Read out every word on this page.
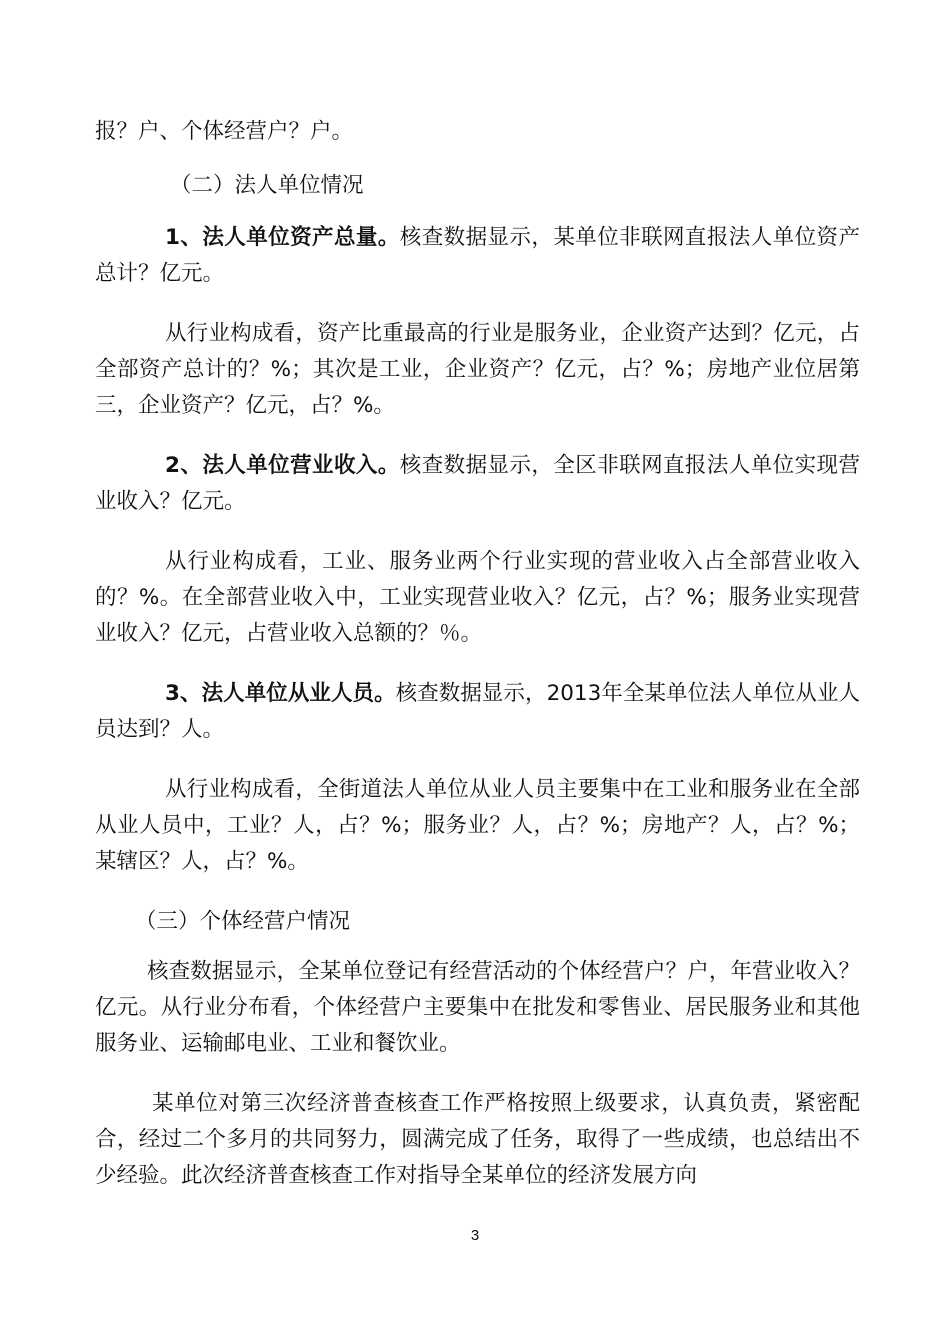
报？户、个体经营户？户。
（二）法人单位情况
1、法人单位资产总量。核查数据显示，某单位非联网直报法人单位资产总计？亿元。
从行业构成看，资产比重最高的行业是服务业，企业资产达到？亿元，占全部资产总计的？%；其次是工业，企业资产？亿元，占？%；房地产业位居第三，企业资产？亿元，占？%。
2、法人单位营业收入。核查数据显示，全区非联网直报法人单位实现营业收入？亿元。
从行业构成看，工业、服务业两个行业实现的营业收入占全部营业收入的？%。在全部营业收入中，工业实现营业收入？亿元，占？%；服务业实现营业收入？亿元，占营业收入总额的？％。
3、法人单位从业人员。核查数据显示，2013年全某单位法人单位从业人员达到？人。
从行业构成看，全街道法人单位从业人员主要集中在工业和服务业在全部从业人员中，工业？人，占？%；服务业？人，占？%；房地产？人，占？%； 某辖区？人，占？%。
（三）个体经营户情况
核查数据显示，全某单位登记有经营活动的个体经营户？户，年营业收入？亿元。从行业分布看，个体经营户主要集中在批发和零售业、居民服务业和其他服务业、运输邮电业、工业和餐饮业。
某单位对第三次经济普查核查工作严格按照上级要求，认真负责，紧密配合，经过二个多月的共同努力，圆满完成了任务，取得了一些成绩，也总结出不少经验。此次经济普查核查工作对指导全某单位的经济发展方向
3
